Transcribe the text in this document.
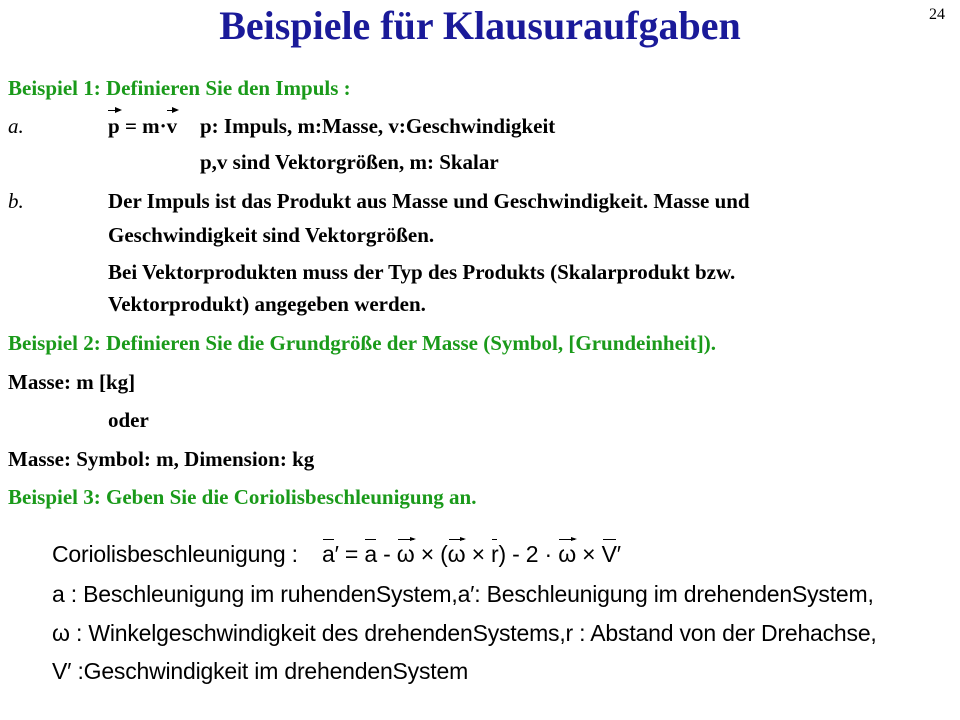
Beispiele für Klausuraufgaben	24
Beispiel 1: Definieren Sie den Impuls :
a.	p = m·v p: Impuls, m:Masse, v:Geschwindigkeit
p,v sind Vektorgrößen, m: Skalar
b.	Der Impuls ist das Produkt aus Masse und Geschwindigkeit. Masse und
Geschwindigkeit sind Vektorgrößen.
Bei Vektorprodukten muss der Typ des Produkts (Skalarprodukt bzw.
Vektorprodukt) angegeben werden.
Beispiel 2: Definieren Sie die Grundgröße der Masse (Symbol, [Grundeinheit]).
Masse: m [kg]
oder
Masse: Symbol: m, Dimension: kg
Beispiel 3: Geben Sie die Coriolisbeschleunigung an.
Coriolisbeschleunigung : a′ = a - ω × (ω × r) - 2 · ω × V′
a : Beschleunigung im ruhendenSystem,a′: Beschleunigung im drehendenSystem,
ω : Winkelgeschwindigkeit des drehendenSystems,r : Abstand von der Drehachse,
V′ :Geschwindigkeit im drehendenSystem
